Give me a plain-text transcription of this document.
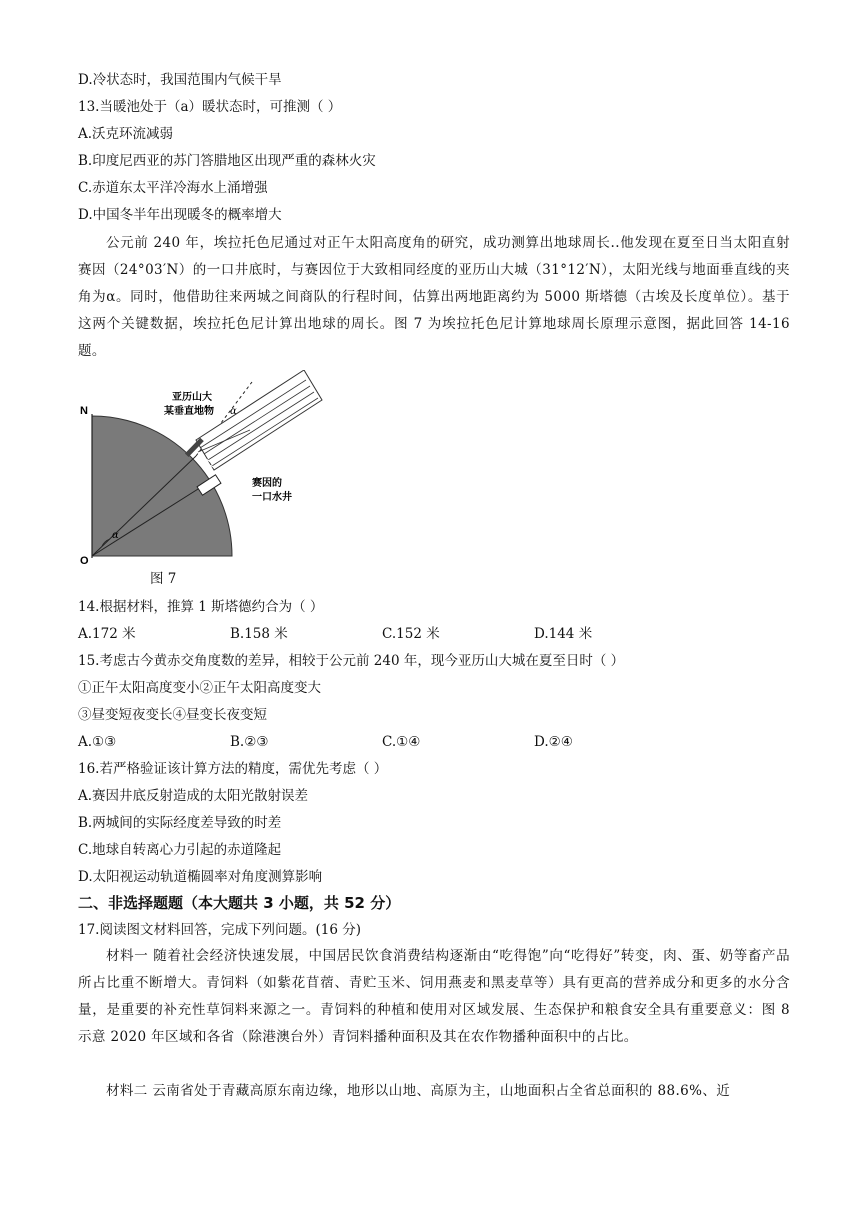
D.冷状态时，我国范围内气候干旱
13.当暖池处于（a）暖状态时，可推测（ ）
A.沃克环流减弱
B.印度尼西亚的苏门答腊地区出现严重的森林火灾
C.赤道东太平洋冷海水上涌增强
D.中国冬半年出现暖冬的概率增大
公元前 240 年，埃拉托色尼通过对正午太阳高度角的研究，成功测算出地球周长..他发现在夏至日当太阳直射赛因（24°03′N）的一口井底时，与赛因位于大致相同经度的亚历山大城（31°12′N），太阳光线与地面垂直线的夹角为α。同时，他借助往来两城之间商队的行程时间，估算出两地距离约为 5000 斯塔德（古埃及长度单位）。基于这两个关键数据，埃拉托色尼计算出地球的周长。图 7 为埃拉托色尼计算地球周长原理示意图，据此回答 14-16 题。
N
O
亚历山大
某垂直地物
赛因的
一口水井
α
α
图 7
14.根据材料，推算 1 斯塔德约合为（ ）
A.172 米	B.158 米	C.152 米	D.144 米
15.考虑古今黄赤交角度数的差异，相较于公元前 240 年，现今亚历山大城在夏至日时（ ）
①正午太阳高度变小②正午太阳高度变大
③昼变短夜变长④昼变长夜变短
A.①③	B.②③	C.①④	D.②④
16.若严格验证该计算方法的精度，需优先考虑（ ）
A.赛因井底反射造成的太阳光散射误差
B.两城间的实际经度差导致的时差
C.地球自转离心力引起的赤道隆起
D.太阳视运动轨道椭圆率对角度测算影响
二、非选择题题（本大题共 3 小题，共 52 分）
17.阅读图文材料回答，完成下列问题。(16 分)
材料一 随着社会经济快速发展，中国居民饮食消费结构逐渐由“吃得饱”向“吃得好”转变，肉、蛋、奶等畜产品所占比重不断增大。青饲料（如紫花苜蓿、青贮玉米、饲用燕麦和黑麦草等）具有更高的营养成分和更多的水分含量，是重要的补充性草饲料来源之一。青饲料的种植和使用对区域发展、生态保护和粮食安全具有重要意义：图 8 示意 2020 年区域和各省（除港澳台外）青饲料播种面积及其在农作物播种面积中的占比。
材料二 云南省处于青藏高原东南边缘，地形以山地、高原为主，山地面积占全省总面积的 88.6%、近
